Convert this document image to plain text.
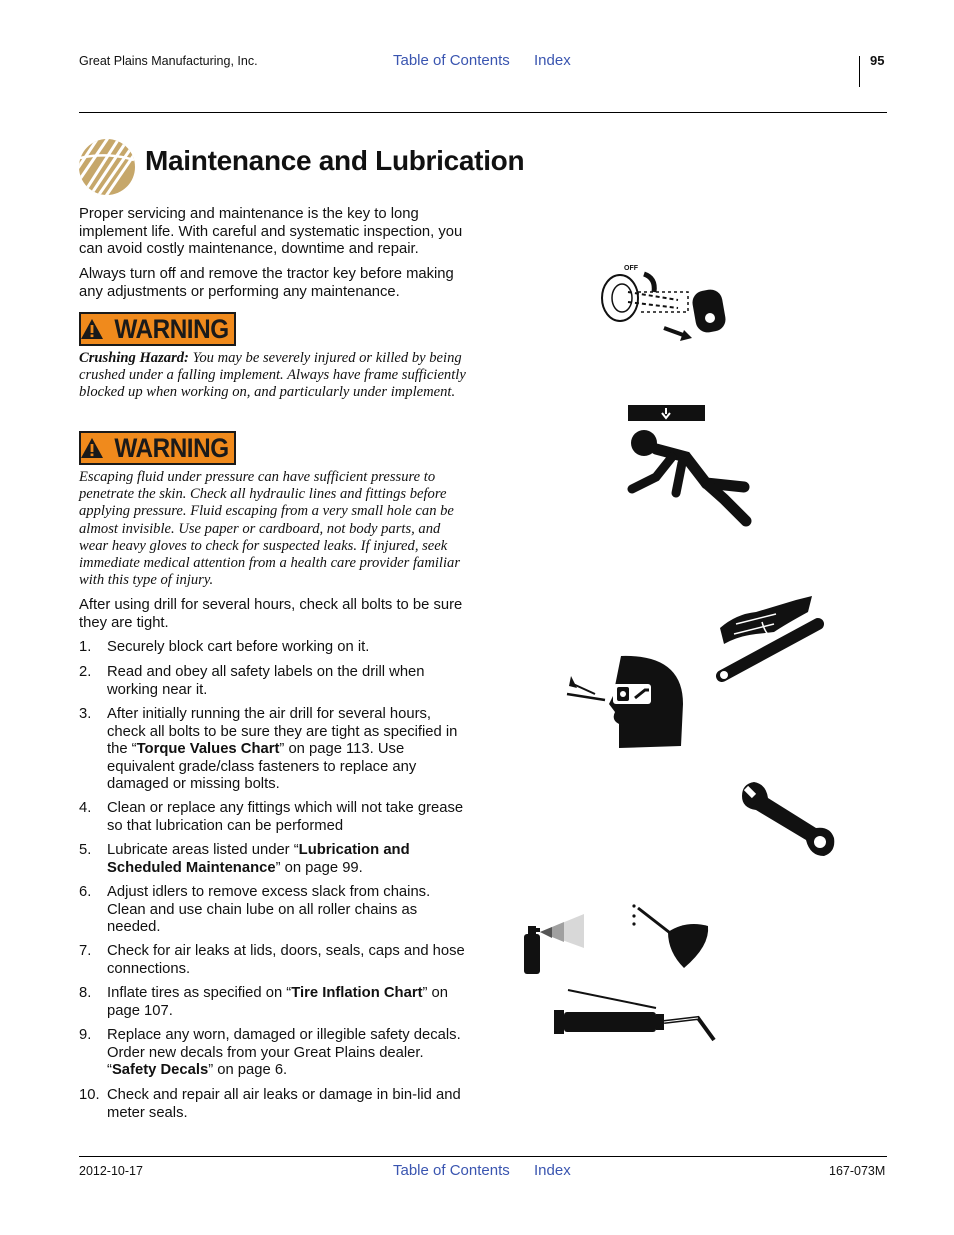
Great Plains Manufacturing, Inc.	Table of Contents Index	95
Maintenance and Lubrication

Proper servicing and maintenance is the key to long implement life. With careful and systematic inspection, you can avoid costly maintenance, downtime and repair.

Always turn off and remove the tractor key before making any adjustments or performing any maintenance.

WARNING
Crushing Hazard: You may be severely injured or killed by being crushed under a falling implement. Always have frame sufficiently blocked up when working on, and particularly under implement.
WARNING
Escaping fluid under pressure can have sufficient pressure to penetrate the skin. Check all hydraulic lines and fittings before applying pressure. Fluid escaping from a very small hole can be almost invisible. Use paper or cardboard, not body parts, and wear heavy gloves to check for suspected leaks. If injured, seek immediate medical attention from a health care provider familiar with this type of injury.
After using drill for several hours, check all bolts to be sure they are tight.
1.	Securely block cart before working on it.
2.	Read and obey all safety labels on the drill when working near it.
3.	After initially running the air drill for several hours, check all bolts to be sure they are tight as specified in the “Torque Values Chart” on page 113. Use equivalent grade/class fasteners to replace any damaged or missing bolts.
4.	Clean or replace any fittings which will not take grease so that lubrication can be performed
5.	Lubricate areas listed under “Lubrication and Scheduled Maintenance” on page 99.
6.	Adjust idlers to remove excess slack from chains. Clean and use chain lube on all roller chains as needed.
7.	Check for air leaks at lids, doors, seals, caps and hose connections.
8.	Inflate tires as specified on “Tire Inflation Chart” on page 107.
9.	Replace any worn, damaged or illegible safety decals. Order new decals from your Great Plains dealer. “Safety Decals” on page 6.
10. Check and repair all air leaks or damage in bin-lid and meter seals.
OFF
2012-10-17	Table of Contents Index	167-073M
